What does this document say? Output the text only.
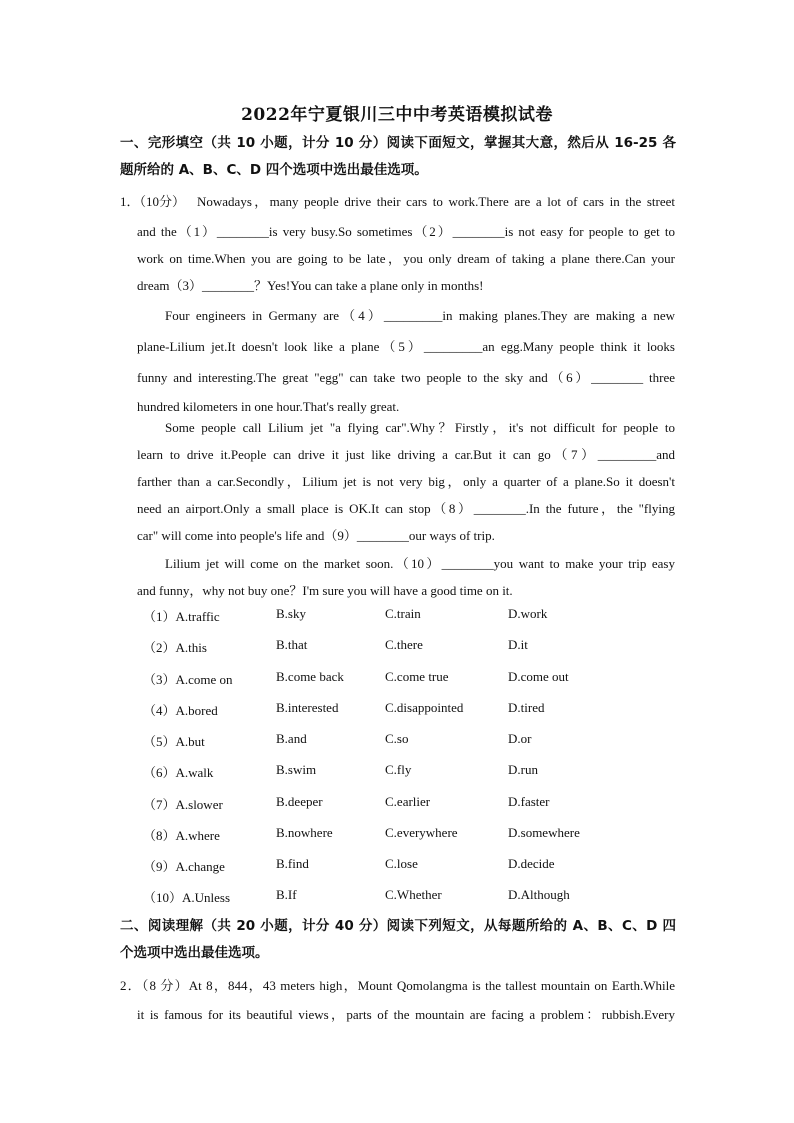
2022年宁夏银川三中中考英语模拟试卷
一、完形填空（共 10 小题，计分 10 分）阅读下面短文，掌握其大意，然后从 16-25 各
题所给的 A、B、C、D 四个选项中选出最佳选项。
1．（10分） Nowadays，many people drive their cars to work.There are a lot of cars in the street

and the（1）________is very busy.So sometimes（2）________is not easy for people to get to

work on time.When you are going to be late，you only dream of taking a plane there.Can your

dream（3）________？Yes!You can take a plane only in months!

Four engineers in Germany are（4）_________in making planes.They are making a new

plane-Lilium jet.It doesn't look like a plane（5）_________an egg.Many people think it looks

funny and interesting.The great "egg" can take two people to the sky and（6）________ three

hundred kilometers in one hour.That's really great.

Some people call Lilium jet "a flying car".Why？Firstly，it's not difficult for people to

learn to drive it.People can drive it just like driving a car.But it can go（7）_________and

farther than a car.Secondly，Lilium jet is not very big，only a quarter of a plane.So it doesn't

need an airport.Only a small place is OK.It can stop（8）________.In the future，the "flying

car" will come into people's life and（9）________our ways of trip.

Lilium jet will come on the market soon.（10）________you want to make your trip easy

and funny，why not buy one？I'm sure you will have a good time on it.

（1）A.traffic	B.sky	C.train	D.work
（2）A.this	B.that	C.there	D.it
（3）A.come on	B.come back	C.come true	D.come out
（4）A.bored	B.interested	C.disappointed	D.tired
（5）A.but	B.and	C.so	D.or
（6）A.walk	B.swim	C.fly	D.run
（7）A.slower	B.deeper	C.earlier	D.faster
（8）A.where	B.nowhere	C.everywhere	D.somewhere
（9）A.change	B.find	C.lose	D.decide
（10）A.Unless	B.If	C.Whether	D.Although
二、阅读理解（共 20 小题，计分 40 分）阅读下列短文，从每题所给的 A、B、C、D 四
个选项中选出最佳选项。

2．（8 分）At 8，844，43 meters high，Mount Qomolangma is the tallest mountain on Earth.While

it is famous for its beautiful views，parts of the mountain are facing a problem：rubbish.Every
